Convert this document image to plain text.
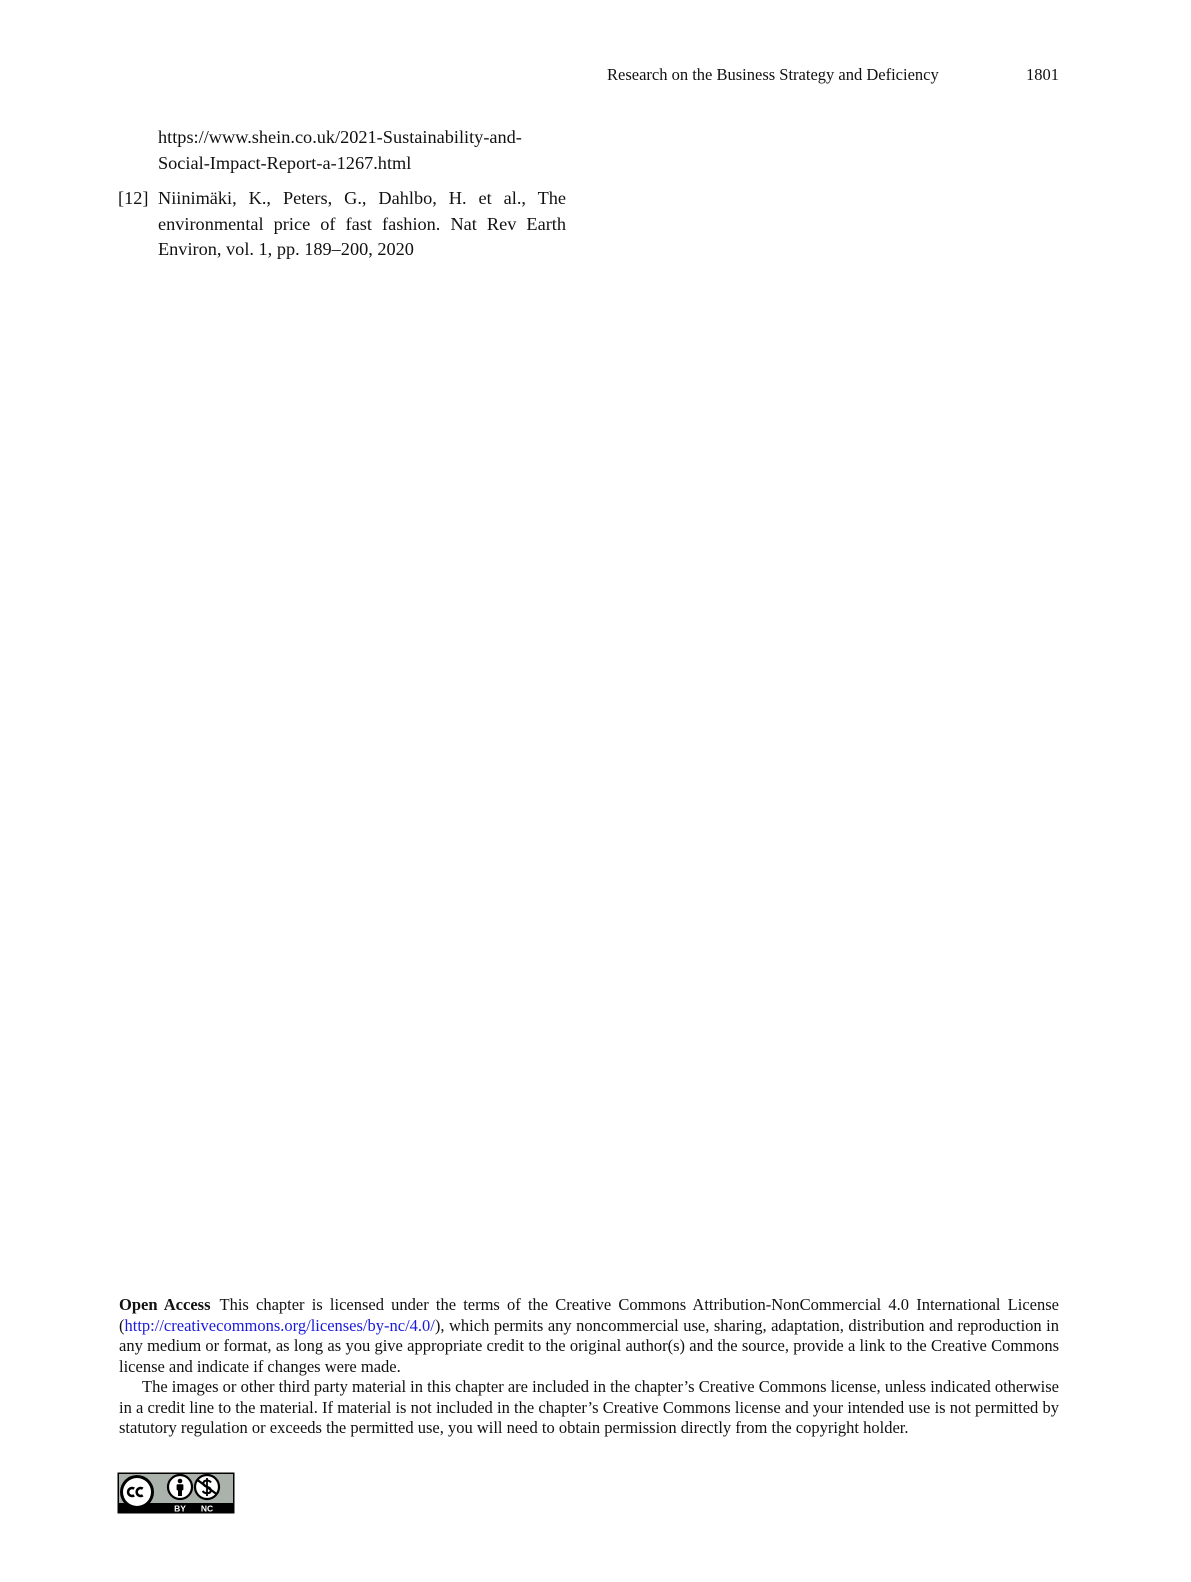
Research on the Business Strategy and Deficiency	1801
https://www.shein.co.uk/2021-Sustainability-and-
Social-Impact-Report-a-1267.html
[12] Niinimäki, K., Peters, G., Dahlbo, H. et al., The
environmental price of fast fashion. Nat Rev Earth
Environ, vol. 1, pp. 189–200, 2020

Open Access This chapter is licensed under the terms of the Creative Commons Attribution-NonCommercial 4.0 International License (http://creativecommons.org/licenses/by-nc/4.0/), which permits any noncommercial use, sharing, adaptation, distribution and reproduction in any medium or format, as long as you give appropriate credit to the original author(s) and the source, provide a link to the Creative Commons license and indicate if changes were made.

The images or other third party material in this chapter are included in the chapter’s Creative Commons license, unless indicated otherwise in a credit line to the material. If material is not included in the chapter’s Creative Commons license and your intended use is not permitted by statutory regulation or exceeds the permitted use, you will need to obtain permission directly from the copyright holder.

BY NC
